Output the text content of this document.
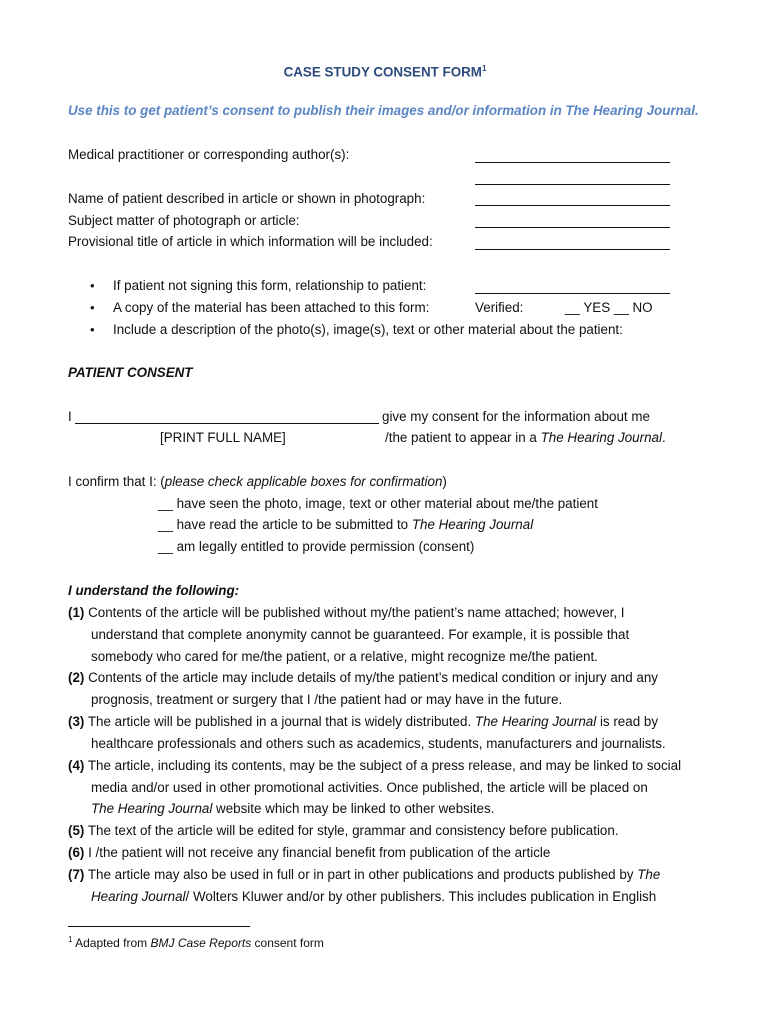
CASE STUDY CONSENT FORM$^1$
Use this to get patient’s consent to publish their images and/or information in The Hearing Journal.
Medical practitioner or corresponding author(s):
Name of patient described in article or shown in photograph:
Subject matter of photograph or article:
Provisional title of article in which information will be included:
• If patient not signing this form, relationship to patient:
• A copy of the material has been attached to this form:	Verified:	__ YES __ NO
• Include a description of the photo(s), image(s), text or other material about the patient:
PATIENT CONSENT
I	give my consent for the information about me
[PRINT FULL NAME]	/the patient to appear in a The Hearing Journal.
I confirm that I: (please check applicable boxes for confirmation)
__ have seen the photo, image, text or other material about me/the patient
__ have read the article to be submitted to The Hearing Journal
__ am legally entitled to provide permission (consent)
I understand the following:
(1) Contents of the article will be published without my/the patient’s name attached; however, I
understand that complete anonymity cannot be guaranteed. For example, it is possible that
somebody who cared for me/the patient, or a relative, might recognize me/the patient.
(2) Contents of the article may include details of my/the patient’s medical condition or injury and any
prognosis, treatment or surgery that I /the patient had or may have in the future.
(3) The article will be published in a journal that is widely distributed. The Hearing Journal is read by
healthcare professionals and others such as academics, students, manufacturers and journalists.
(4) The article, including its contents, may be the subject of a press release, and may be linked to social
media and/or used in other promotional activities. Once published, the article will be placed on
The Hearing Journal website which may be linked to other websites.
(5) The text of the article will be edited for style, grammar and consistency before publication.
(6) I /the patient will not receive any financial benefit from publication of the article
(7) The article may also be used in full or in part in other publications and products published by The
Hearing Journal/ Wolters Kluwer and/or by other publishers. This includes publication in English
$^1$ Adapted from BMJ Case Reports consent form
